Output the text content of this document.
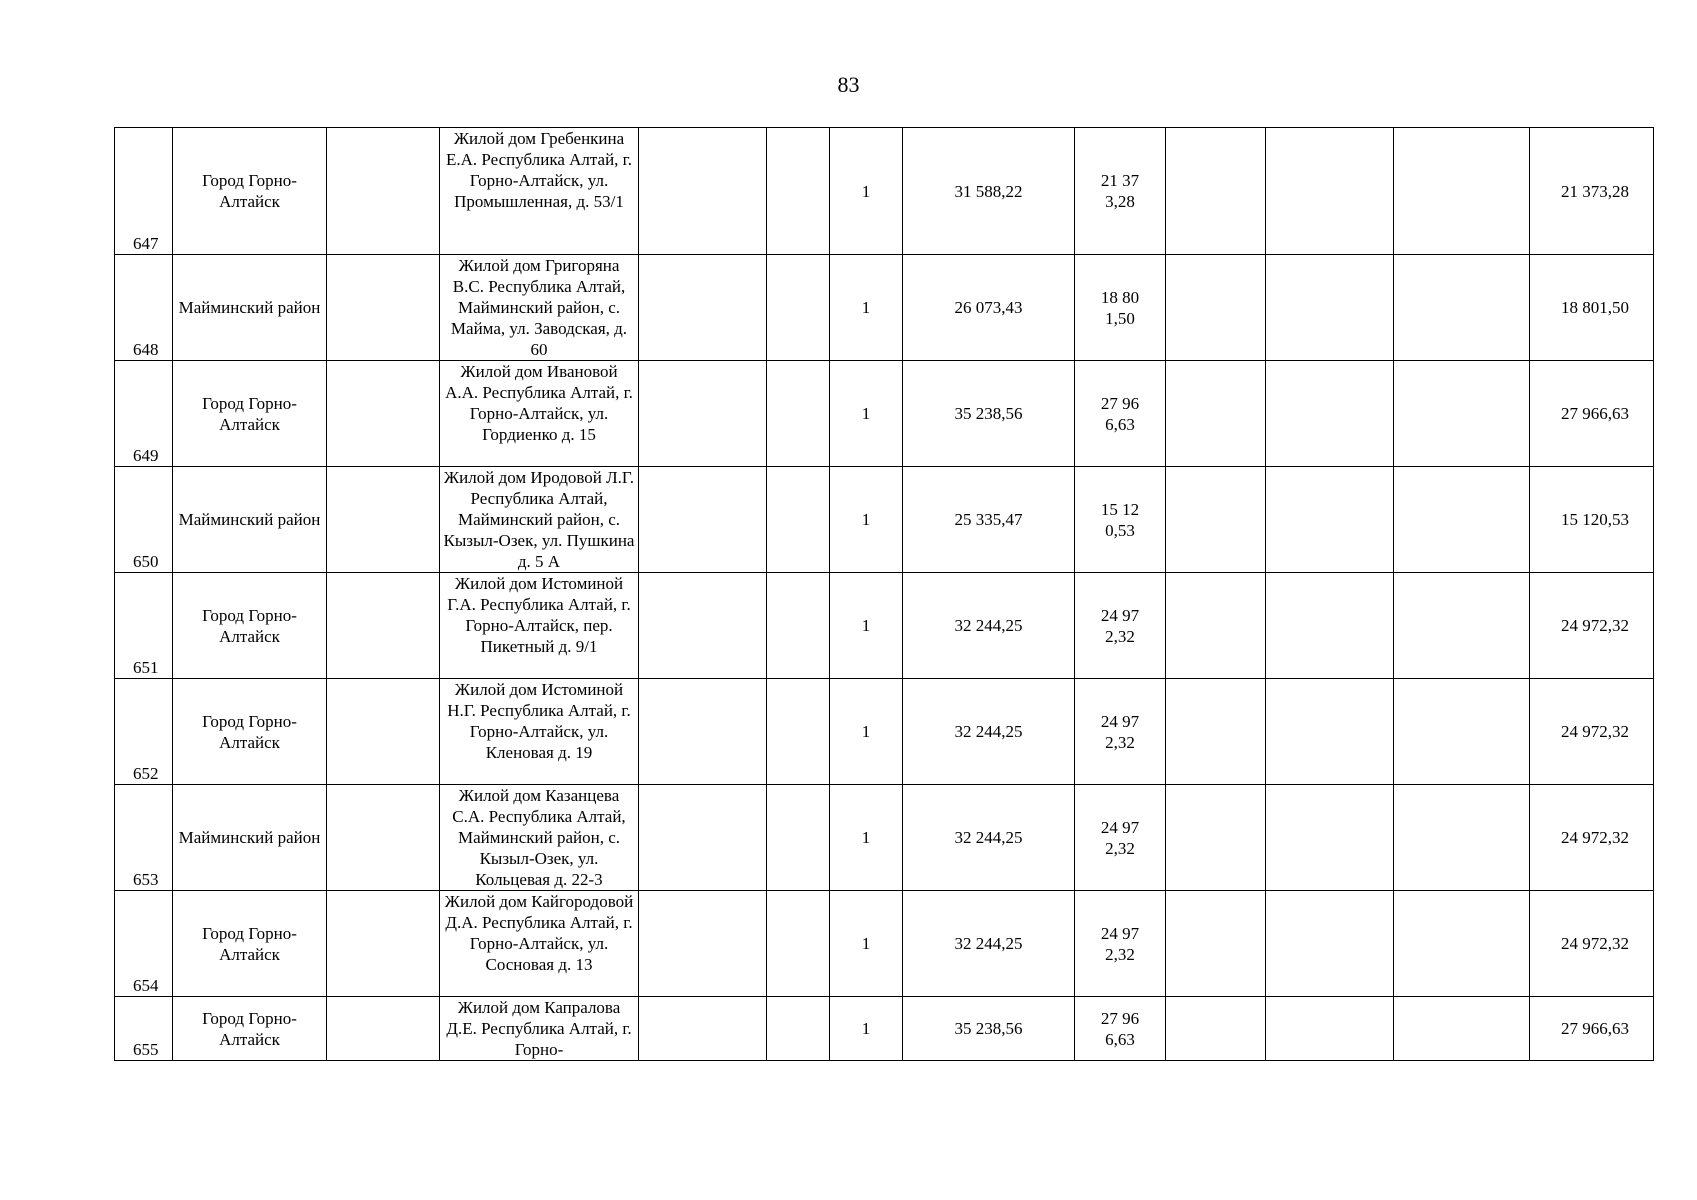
83
647	Город Горно-Алтайск		Жилой дом Гребенкина Е.А. Республика Алтай, г. Горно-Алтайск, ул. Промышленная, д. 53/1			1	31 588,22	21 373,28				21 373,28
648	Майминский район		Жилой дом Григоряна В.С. Республика Алтай, Майминский район, с. Майма, ул. Заводская, д. 60			1	26 073,43	18 801,50				18 801,50
649	Город Горно-Алтайск		Жилой дом Ивановой А.А. Республика Алтай, г. Горно-Алтайск, ул. Гордиенко д. 15			1	35 238,56	27 966,63				27 966,63
650	Майминский район		Жилой дом Иродовой Л.Г. Республика Алтай, Майминский район, с. Кызыл-Озек, ул. Пушкина д. 5 А			1	25 335,47	15 120,53				15 120,53
651	Город Горно-Алтайск		Жилой дом Истоминой Г.А. Республика Алтай, г. Горно-Алтайск, пер. Пикетный д. 9/1			1	32 244,25	24 972,32				24 972,32
652	Город Горно-Алтайск		Жилой дом Истоминой Н.Г. Республика Алтай, г. Горно-Алтайск, ул. Кленовая д. 19			1	32 244,25	24 972,32				24 972,32
653	Майминский район		Жилой дом Казанцева С.А. Республика Алтай, Майминский район, с. Кызыл-Озек, ул. Кольцевая д. 22-3			1	32 244,25	24 972,32				24 972,32
654	Город Горно-Алтайск		Жилой дом Кайгородовой Д.А. Республика Алтай, г. Горно-Алтайск, ул. Сосновая д. 13			1	32 244,25	24 972,32				24 972,32
655	Город Горно-Алтайск		Жилой дом Капралова Д.Е. Республика Алтай, г. Горно-			1	35 238,56	27 966,63				27 966,63
